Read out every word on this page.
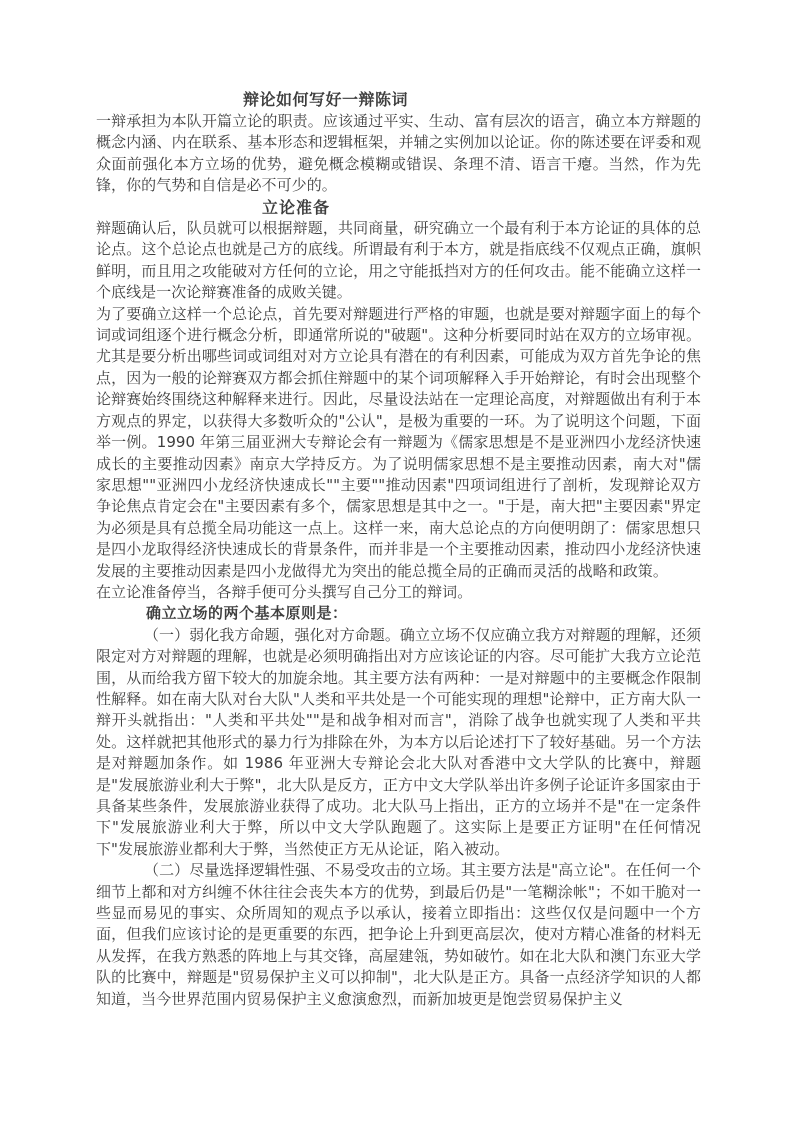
辩论如何写好一辩陈词

一辩承担为本队开篇立论的职责。应该通过平实、生动、富有层次的语言，确立本方辩题的概念内涵、内在联系、基本形态和逻辑框架，并辅之实例加以论证。你的陈述要在评委和观众面前强化本方立场的优势，避免概念模糊或错误、条理不清、语言干瘪。当然，作为先锋，你的气势和自信是必不可少的。

立论准备

辩题确认后，队员就可以根据辩题，共同商量，研究确立一个最有利于本方论证的具体的总论点。这个总论点也就是己方的底线。所谓最有利于本方，就是指底线不仅观点正确，旗帜鲜明，而且用之攻能破对方任何的立论，用之守能抵挡对方的任何攻击。能不能确立这样一个底线是一次论辩赛准备的成败关键。

为了要确立这样一个总论点，首先要对辩题进行严格的审题，也就是要对辩题字面上的每个词或词组逐个进行概念分析，即通常所说的"破题"。这种分析要同时站在双方的立场审视。尤其是要分析出哪些词或词组对对方立论具有潜在的有利因素，可能成为双方首先争论的焦点，因为一般的论辩赛双方都会抓住辩题中的某个词项解释入手开始辩论，有时会出现整个论辩赛始终围绕这种解释来进行。因此，尽量设法站在一定理论高度，对辩题做出有利于本方观点的界定，以获得大多数听众的"公认"，是极为重要的一环。为了说明这个问题，下面举一例。1990 年第三届亚洲大专辩论会有一辩题为《儒家思想是不是亚洲四小龙经济快速成长的主要推动因素》南京大学持反方。为了说明儒家思想不是主要推动因素，南大对"儒家思想""亚洲四小龙经济快速成长""主要""推动因素"四项词组进行了剖析，发现辩论双方争论焦点肯定会在"主要因素有多个，儒家思想是其中之一。"于是，南大把"主要因素"界定为必须是具有总揽全局功能这一点上。这样一来，南大总论点的方向便明朗了：儒家思想只是四小龙取得经济快速成长的背景条件，而并非是一个主要推动因素，推动四小龙经济快速发展的主要推动因素是四小龙做得尤为突出的能总揽全局的正确而灵活的战略和政策。

在立论准备停当，各辩手便可分头撰写自己分工的辩词。

确立立场的两个基本原则是：

（一）弱化我方命题，强化对方命题。确立立场不仅应确立我方对辩题的理解，还须限定对方对辩题的理解，也就是必须明确指出对方应该论证的内容。尽可能扩大我方立论范围，从而给我方留下较大的加旋余地。其主要方法有两种：一是对辩题中的主要概念作限制性解释。如在南大队对台大队"人类和平共处是一个可能实现的理想"论辩中，正方南大队一辩开头就指出："人类和平共处""是和战争相对而言"，消除了战争也就实现了人类和平共处。这样就把其他形式的暴力行为排除在外，为本方以后论述打下了较好基础。另一个方法是对辩题加条作。如 1986 年亚洲大专辩论会北大队对香港中文大学队的比赛中，辩题是"发展旅游业利大于弊"，北大队是反方，正方中文大学队举出许多例子论证许多国家由于具备某些条件，发展旅游业获得了成功。北大队马上指出，正方的立场并不是"在一定条件下"发展旅游业利大于弊，所以中文大学队跑题了。这实际上是要正方证明"在任何情况下"发展旅游业都利大于弊，当然使正方无从论证，陷入被动。

（二）尽量选择逻辑性强、不易受攻击的立场。其主要方法是"高立论"。在任何一个细节上都和对方纠缠不休往往会丧失本方的优势，到最后仍是"一笔糊涂帐"；不如干脆对一些显而易见的事实、众所周知的观点予以承认，接着立即指出：这些仅仅是问题中一个方面，但我们应该讨论的是更重要的东西，把争论上升到更高层次，使对方精心准备的材料无从发挥，在我方熟悉的阵地上与其交锋，高屋建瓴，势如破竹。如在北大队和澳门东亚大学队的比赛中，辩题是"贸易保护主义可以抑制"，北大队是正方。具备一点经济学知识的人都知道，当今世界范围内贸易保护主义愈演愈烈，而新加坡更是饱尝贸易保护主义
